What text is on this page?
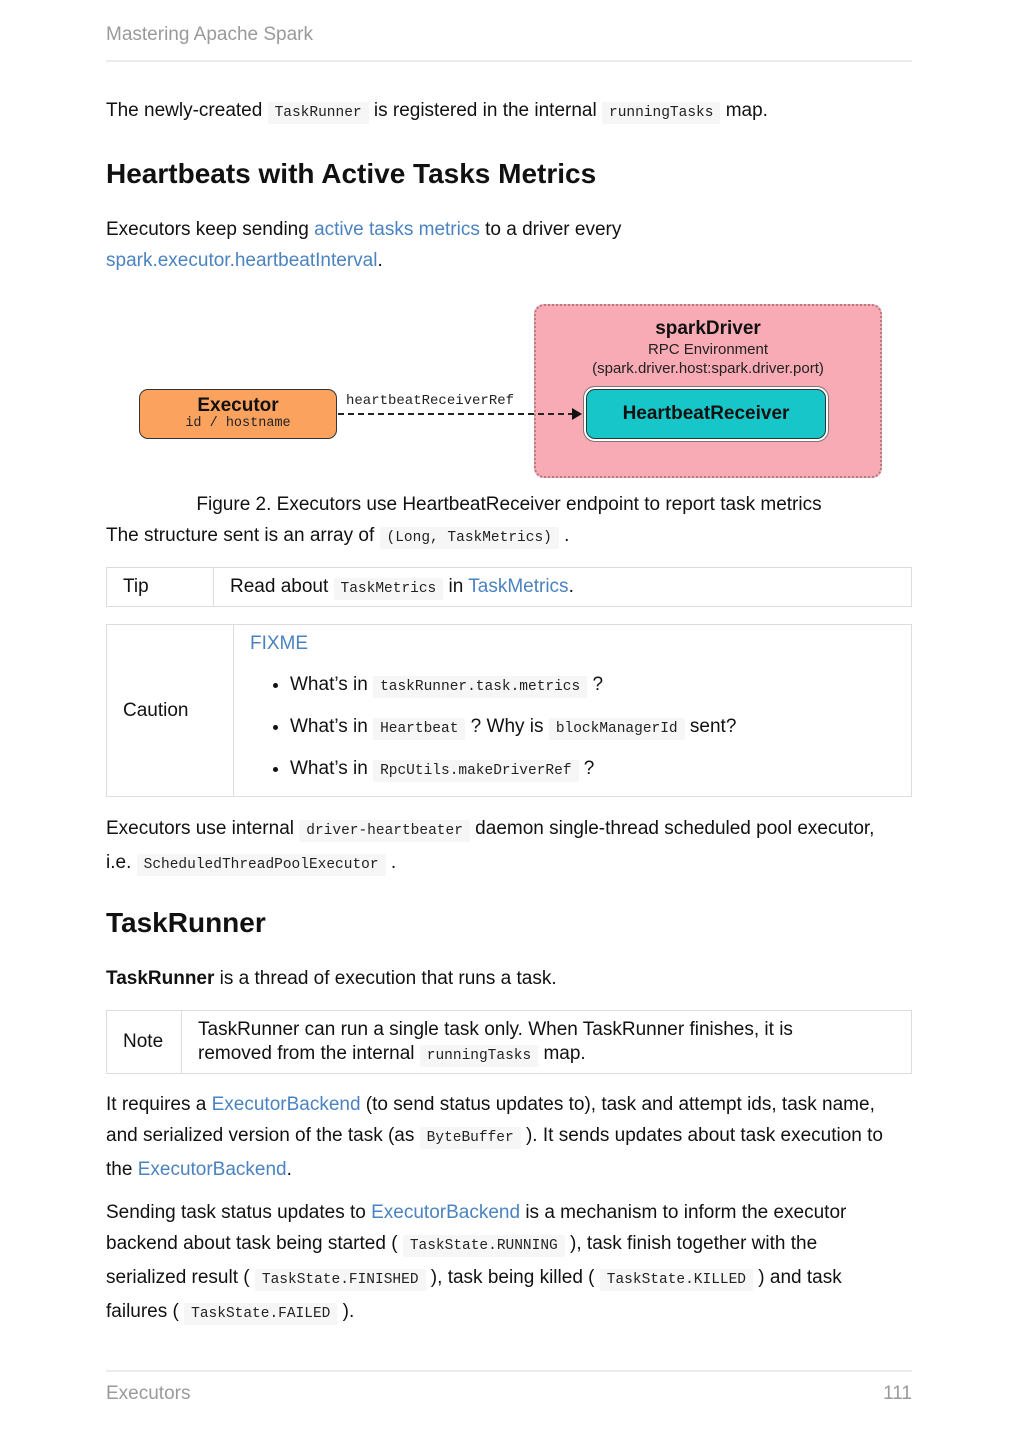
Mastering Apache Spark

The newly-created TaskRunner is registered in the internal runningTasks map.

Heartbeats with Active Tasks Metrics

Executors keep sending active tasks metrics to a driver every

spark.executor.heartbeatInterval.

sparkDriver
RPC Environment
(spark.driver.host:spark.driver.port)
Executor
id / hostname
heartbeatReceiverRef
HeartbeatReceiver
Figure 2. Executors use HeartbeatReceiver endpoint to report task metrics

The structure sent is an array of (Long, TaskMetrics) .

Tip	Read about TaskMetrics in TaskMetrics.
Caution
FIXME
• What’s in taskRunner.task.metrics ?
• What’s in Heartbeat ? Why is blockManagerId sent?
• What’s in RpcUtils.makeDriverRef ?

Executors use internal driver-heartbeater daemon single-thread scheduled pool executor,

i.e. ScheduledThreadPoolExecutor .

TaskRunner

TaskRunner is a thread of execution that runs a task.

Note
TaskRunner can run a single task only. When TaskRunner finishes, it is
removed from the internal runningTasks map.

It requires a ExecutorBackend (to send status updates to), task and attempt ids, task name,

and serialized version of the task (as ByteBuffer ). It sends updates about task execution to

the ExecutorBackend.

Sending task status updates to ExecutorBackend is a mechanism to inform the executor

backend about task being started ( TaskState.RUNNING ), task finish together with the

serialized result ( TaskState.FINISHED ), task being killed ( TaskState.KILLED ) and task

failures ( TaskState.FAILED ).

Executors	111
